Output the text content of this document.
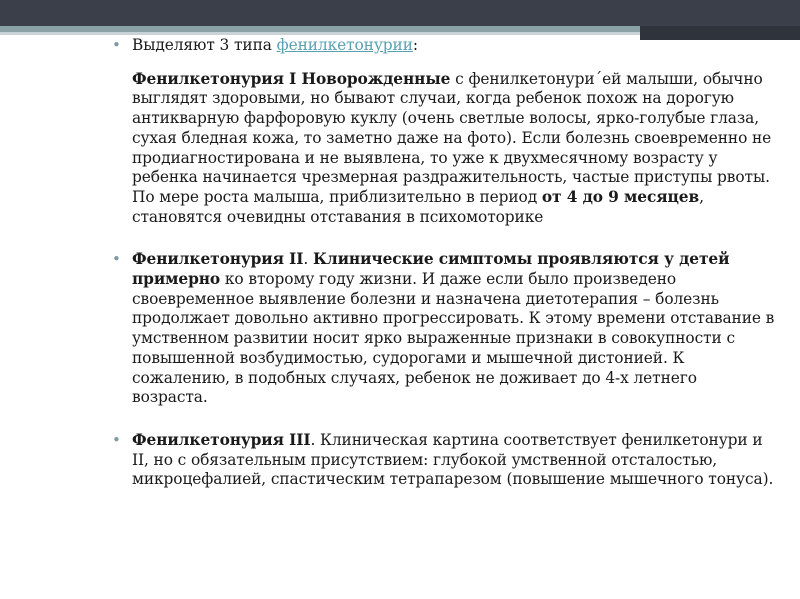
• Выделяют 3 типа фенилкетонурии:

Фенилкетонурия I Новорожденные с фенилкетонури´ей малыши, обычно выглядят здоровыми, но бывают случаи, когда ребенок похож на дорогую антикварную фарфоровую куклу (очень светлые волосы, ярко-голубые глаза, сухая бледная кожа, то заметно даже на фото). Если болезнь своевременно не продиагностирована и не выявлена, то уже к двухмесячному возрасту у ребенка начинается чрезмерная раздражительность, частые приступы рвоты. По мере роста малыша, приблизительно в период от 4 до 9 месяцев, становятся очевидны отставания в психомоторике

• Фенилкетонурия II. Клинические симптомы проявляются у детей примерно ко второму году жизни. И даже если было произведено своевременное выявление болезни и назначена диетотерапия – болезнь продолжает довольно активно прогрессировать. К этому времени отставание в умственном развитии носит ярко выраженные признаки в совокупности с повышенной возбудимостью, судорогами и мышечной дистонией. К сожалению, в подобных случаях, ребенок не доживает до 4-х летнего возраста.

• Фенилкетонурия III. Клиническая картина соответствует фенилкетонури и II, но с обязательным присутствием: глубокой умственной отсталостью, микроцефалией, спастическим тетрапарезом (повышение мышечного тонуса).
